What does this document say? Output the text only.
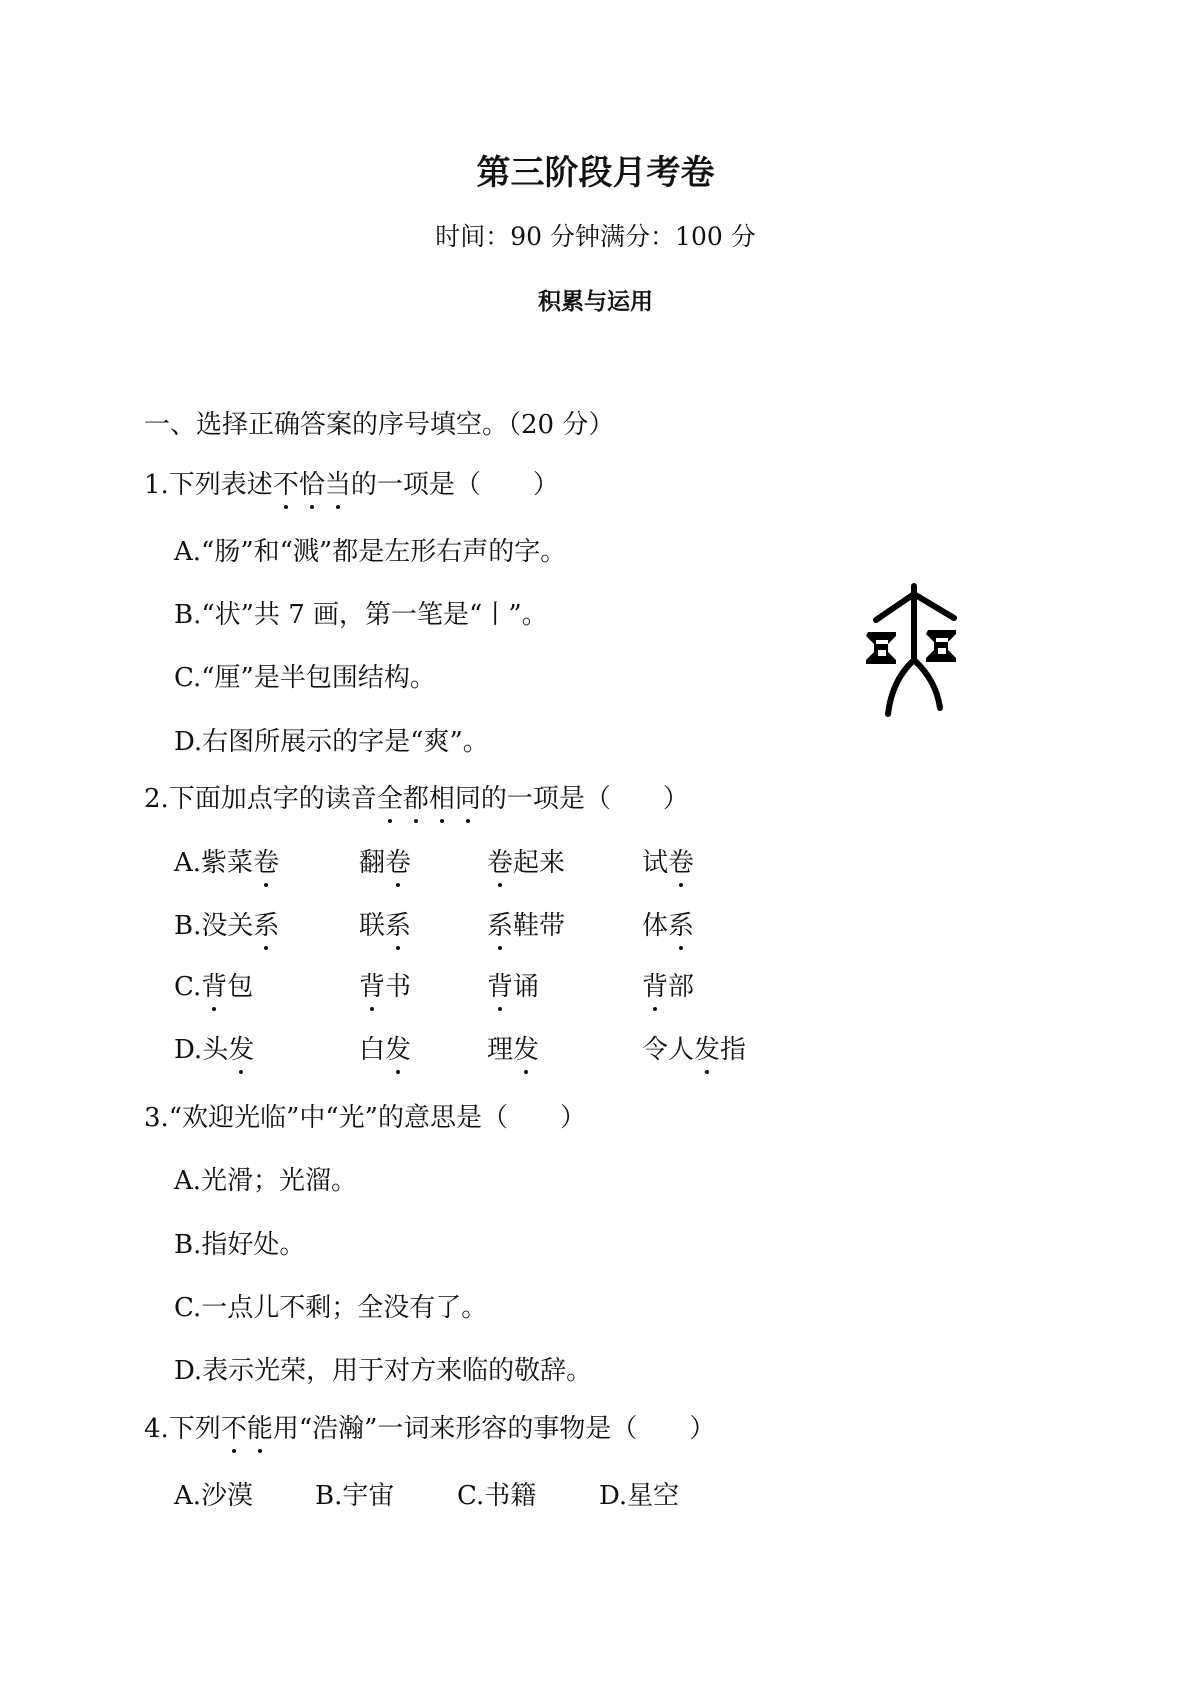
第三阶段月考卷
时间：90 分钟满分：100 分
积累与运用
一、选择正确答案的序号填空。（20 分）
1.下列表述不恰当的一项是（　　）
A.“肠”和“溅”都是左形右声的字。
B.“状”共 7 画，第一笔是“丨”。
C.“厘”是半包围结构。
D.右图所展示的字是“爽”。
2.下面加点字的读音全都相同的一项是（　　）
A.紫菜卷	翻卷	卷起来	试卷
B.没关系	联系	系鞋带	体系
C.背包	背书	背诵	背部
D.头发	白发	理发	令人发指
3.“欢迎光临”中“光”的意思是（　　）
A.光滑；光溜。
B.指好处。
C.一点儿不剩；全没有了。
D.表示光荣，用于对方来临的敬辞。
4.下列不能用“浩瀚”一词来形容的事物是（　　）
A.沙漠 B.宇宙 C.书籍 D.星空
